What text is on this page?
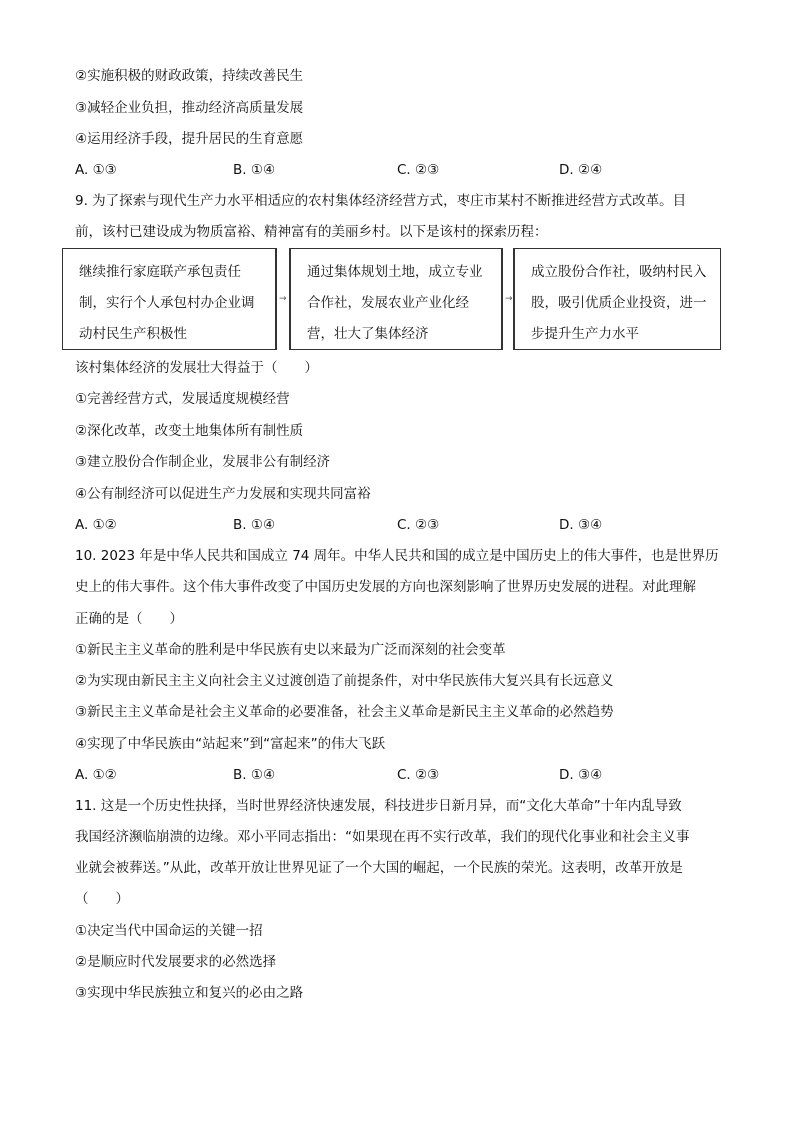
②实施积极的财政政策，持续改善民生
③减轻企业负担，推动经济高质量发展
④运用经济手段，提升居民的生育意愿
A. ①③	B. ①④	C. ②③	D. ②④
9. 为了探索与现代生产力水平相适应的农村集体经济经营方式，枣庄市某村不断推进经营方式改革。目
前，该村已建设成为物质富裕、精神富有的美丽乡村。以下是该村的探索历程：
继续推行家庭联产承包责任制，实行个人承包村办企业调动村民生产积极性
→
通过集体规划土地，成立专业合作社，发展农业产业化经营，壮大了集体经济
→
成立股份合作社，吸纳村民入股，吸引优质企业投资，进一步提升生产力水平
该村集体经济的发展壮大得益于（　　）
①完善经营方式，发展适度规模经营
②深化改革，改变土地集体所有制性质
③建立股份合作制企业，发展非公有制经济
④公有制经济可以促进生产力发展和实现共同富裕
A. ①②	B. ①④	C. ②③	D. ③④
10. 2023 年是中华人民共和国成立 74 周年。中华人民共和国的成立是中国历史上的伟大事件，也是世界历
史上的伟大事件。这个伟大事件改变了中国历史发展的方向也深刻影响了世界历史发展的进程。对此理解
正确的是（　　）
①新民主主义革命的胜利是中华民族有史以来最为广泛而深刻的社会变革
②为实现由新民主主义向社会主义过渡创造了前提条件，对中华民族伟大复兴具有长远意义
③新民主主义革命是社会主义革命的必要准备，社会主义革命是新民主主义革命的必然趋势
④实现了中华民族由“站起来”到“富起来”的伟大飞跃
A. ①②	B. ①④	C. ②③	D. ③④
11. 这是一个历史性抉择，当时世界经济快速发展，科技进步日新月异，而“文化大革命”十年内乱导致
我国经济濒临崩溃的边缘。邓小平同志指出：“如果现在再不实行改革，我们的现代化事业和社会主义事
业就会被葬送。”从此，改革开放让世界见证了一个大国的崛起，一个民族的荣光。这表明，改革开放是
（　　）
①决定当代中国命运的关键一招
②是顺应时代发展要求的必然选择
③实现中华民族独立和复兴的必由之路
